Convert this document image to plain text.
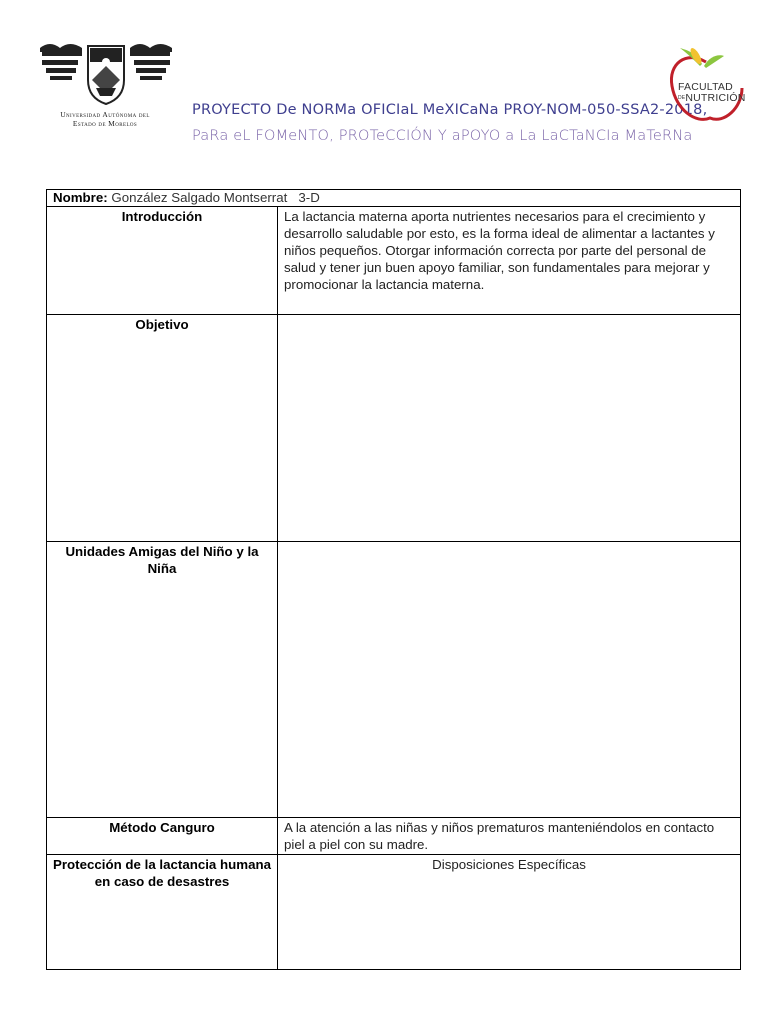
Universidad Autónoma del
Estado de Morelos
PROYECTO De NORMa OFICIaL MeXICaNa PROY-NOM-050-SSA2-2018,
PaRa eL FOMeNTO, PROTeCCIÓN Y aPOYO a La LaCTaNCIa MaTeRNa
FACULTAD
DENUTRICIÓN
Nombre: González Salgado Montserrat   3-D	
Introducción	La lactancia materna aporta nutrientes necesarios para el crecimiento y desarrollo saludable por esto, es la forma ideal de alimentar a lactantes y niños pequeños. Otorgar información correcta por parte del personal de salud y tener jun buen apoyo familiar, son fundamentales para mejorar y promocionar la lactancia materna.
Objetivo	
Unidades Amigas del Niño y la Niña	
Método Canguro	A la atención a las niñas y niños prematuros manteniéndolos en contacto piel a piel con su madre.
Protección de la lactancia humana en caso de desastres	Disposiciones Específicas
